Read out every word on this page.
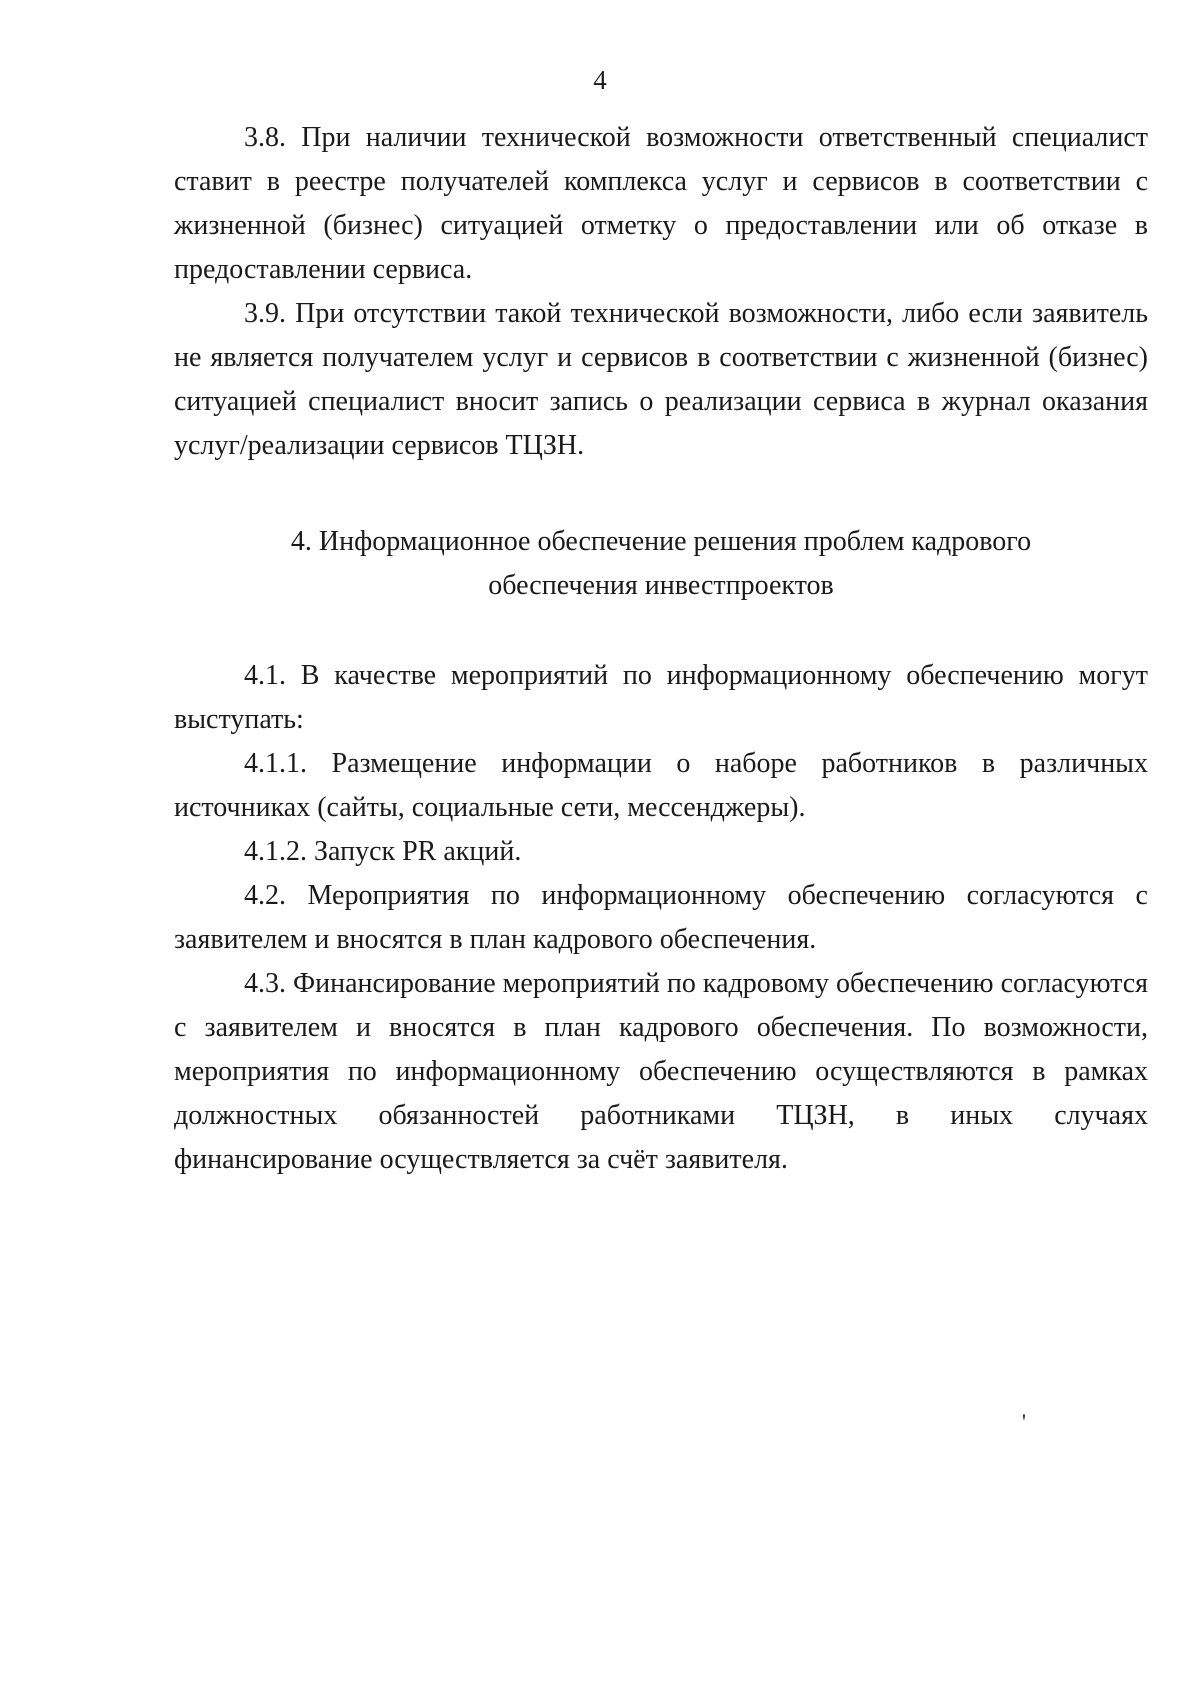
4

3.8. При наличии технической возможности ответственный специалист ставит в реестре получателей комплекса услуг и сервисов в соответствии с жизненной (бизнес) ситуацией отметку о предоставлении или об отказе в предоставлении сервиса.

3.9. При отсутствии такой технической возможности, либо если заявитель не является получателем услуг и сервисов в соответствии с жизненной (бизнес) ситуацией специалист вносит запись о реализации сервиса в журнал оказания услуг/реализации сервисов ТЦЗН.

4. Информационное обеспечение решения проблем кадрового

обеспечения инвестпроектов

4.1. В качестве мероприятий по информационному обеспечению могут выступать:

4.1.1. Размещение информации о наборе работников в различных источниках (сайты, социальные сети, мессенджеры).

4.1.2. Запуск PR акций.

4.2. Мероприятия по информационному обеспечению согласуются с заявителем и вносятся в план кадрового обеспечения.

4.3. Финансирование мероприятий по кадровому обеспечению согласуются с заявителем и вносятся в план кадрового обеспечения. По возможности, мероприятия по информационному обеспечению осуществляются в рамках должностных обязанностей работниками ТЦЗН, в иных случаях финансирование осуществляется за счёт заявителя.

'
